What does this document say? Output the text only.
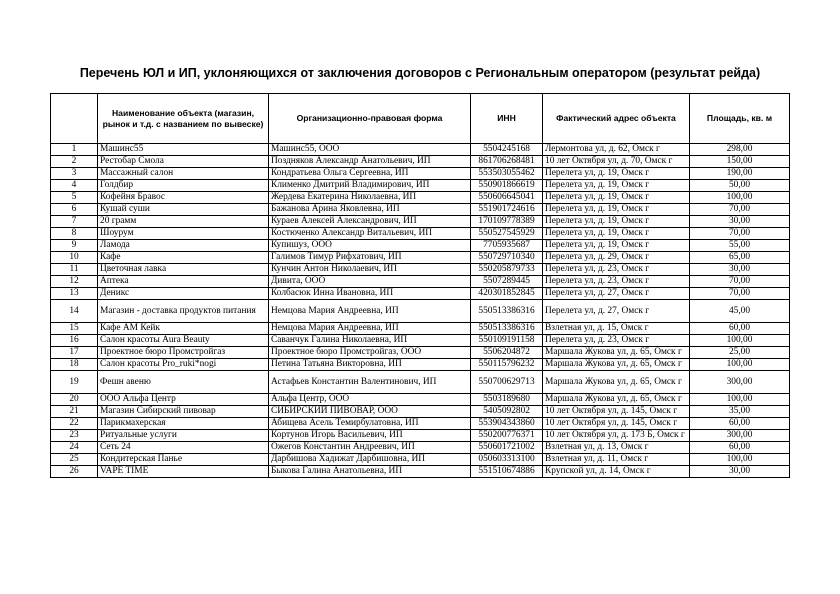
Перечень ЮЛ и ИП, уклоняющихся от заключения договоров с Региональным оператором (результат рейда)
	Наименование объекта (магазин, рынок и т.д. с названием по вывеске)	Организационно-правовая форма	ИНН	Фактический адрес объекта	Площадь, кв. м
1	Машинс55	Машинс55, ООО	5504245168	Лермонтова ул, д. 62, Омск г	298,00
2	Рестобар Смола	Поздняков Александр Анатольевич, ИП	861706268481	10 лет Октября ул, д. 70, Омск г	150,00
3	Массажный салон	Кондратьева Ольга Сергеевна, ИП	553503055462	Перелета ул, д. 19, Омск г	190,00
4	Голдбир	Клименко Дмитрий Владимирович, ИП	550901866619	Перелета ул, д. 19, Омск г	50,00
5	Кофейня Бравос	Жердева Екатерина Николаевна, ИП	550606645041	Перелета ул, д. 19, Омск г	100,00
6	Кушай суши	Бажанова Арина Яковлевна, ИП	551901724616	Перелета ул, д. 19, Омск г	70,00
7	20 грамм	Кураев Алексей Александрович, ИП	170109778389	Перелета ул, д. 19, Омск г	30,00
8	Шоурум	Костюченко Александр Витальевич, ИП	550527545929	Перелета ул, д. 19, Омск г	70,00
9	Ламода	Купишуз, ООО	7705935687	Перелета ул, д. 19, Омск г	55,00
10	Кафе	Галимов Тимур Рифхатович, ИП	550729710340	Перелета ул, д. 29, Омск г	65,00
11	Цветочная лавка	Кунчин Антон Николаевич, ИП	550205879733	Перелета ул, д. 23, Омск г	30,00
12	Аптека	Дивита, ООО	5507289445	Перелета ул, д. 23, Омск г	70,00
13	Деникс	Колбасюк Инна Ивановна, ИП	420301852845	Перелета ул, д. 27, Омск г	70,00
14	Магазин - доставка продуктов питания	Немцова Мария Андреевна, ИП	550513386316	Перелета ул, д. 27, Омск г	45,00
15	Кафе АМ Кейк	Немцова Мария Андреевна, ИП	550513386316	Взлетная ул, д. 15, Омск г	60,00
16	Салон красоты Aura Beauty	Саванчук Галина Николаевна, ИП	550109191158	Перелета ул, д. 23, Омск г	100,00
17	Проектное бюро Промстройгаз	Проектное бюро Промстройгаз, ООО	5506204872	Маршала Жукова ул, д. 65, Омск г	25,00
18	Салон красоты Pro_ruki*nogi	Петина Татьяна Викторовна, ИП	550115796232	Маршала Жукова ул, д. 65, Омск г	100,00
19	Фешн авеню	Астафьев Константин Валентинович, ИП	550700629713	Маршала Жукова ул, д. 65, Омск г	300,00
20	ООО Альфа Центр	Альфа Центр, ООО	5503189680	Маршала Жукова ул, д. 65, Омск г	100,00
21	Магазин Сибирский пивовар	СИБИРСКИЙ ПИВОВАР, ООО	5405092802	10 лет Октября ул, д. 145, Омск г	35,00
22	Парикмахерская	Абищева Асель Темирбулатовна, ИП	553904343860	10 лет Октября ул, д. 145, Омск г	60,00
23	Ритуальные услуги	Кортунов Игорь Васильевич, ИП	550200776371	10 лет Октября ул, д. 173 Б, Омск г	300,00
24	Сеть 24	Ожегов Константин Андреевич, ИП	550601721002	Взлетная ул, д. 13, Омск г	60,00
25	Кондитерская Панье	Дарбишова Хадижат Дарбишовна, ИП	050603313100	Взлетная ул, д. 11, Омск г	100,00
26	VAPE TIME	Быкова Галина Анатольевна, ИП	551510674886	Крупской ул, д. 14, Омск г	30,00
